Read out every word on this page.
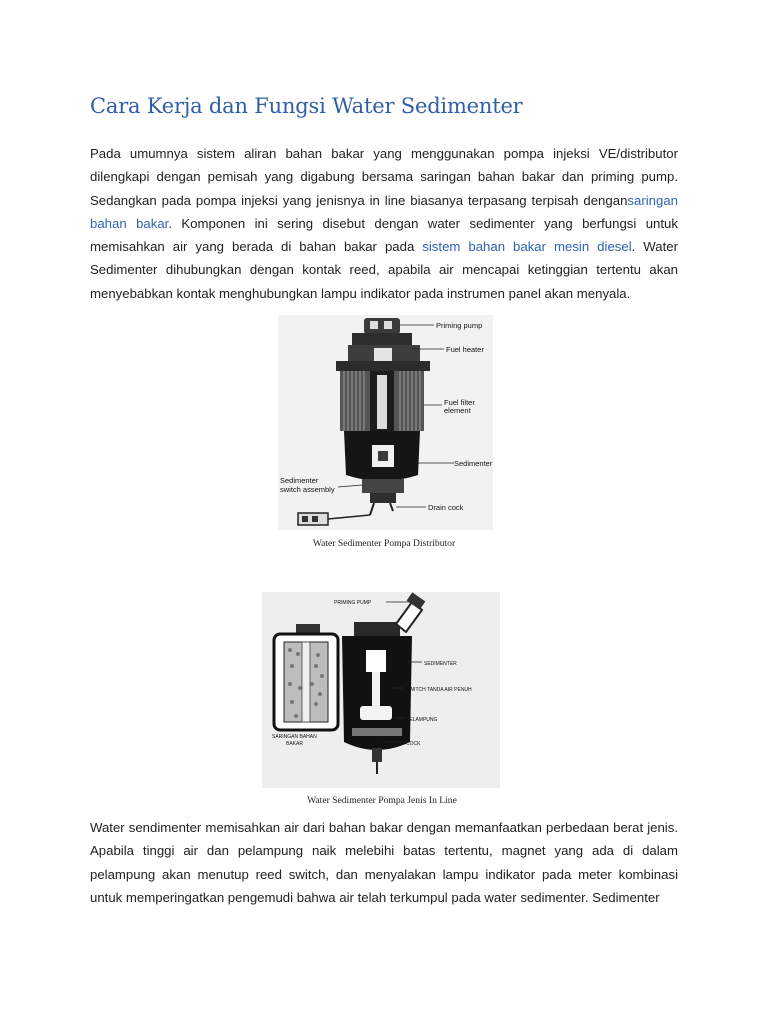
Cara Kerja dan Fungsi Water Sedimenter

Pada umumnya sistem aliran bahan bakar yang menggunakan pompa injeksi VE/distributor dilengkapi dengan pemisah yang digabung bersama saringan bahan bakar dan priming pump. Sedangkan pada pompa injeksi yang jenisnya in line biasanya terpasang terpisah dengansaringan bahan bakar. Komponen ini sering disebut dengan water sedimenter yang berfungsi untuk memisahkan air yang berada di bahan bakar pada sistem bahan bakar mesin diesel. Water Sedimenter dihubungkan dengan kontak reed, apabila air mencapai ketinggian tertentu akan menyebabkan kontak menghubungkan lampu indikator pada instrumen panel akan menyala.

Priming pump
Fuel heater
Fuel filter
element
Sedimenter
Sedimenter
switch assembly
Drain cock

Water Sedimenter Pompa Distributor

PRIMING PUMP
SEDIMENTER
SWITCH TANDA AIR PENUH
PELAMPUNG
COCK
SARINGAN BAHAN
BAKAR

Water Sedimenter Pompa Jenis In Line

Water sendimenter memisahkan air dari bahan bakar dengan memanfaatkan perbedaan berat jenis. Apabila tinggi air dan pelampung naik melebihi batas tertentu, magnet yang ada di dalam pelampung akan menutup reed switch, dan menyalakan lampu indikator pada meter kombinasi untuk memperingatkan pengemudi bahwa air telah terkumpul pada water sedimenter. Sedimenter
